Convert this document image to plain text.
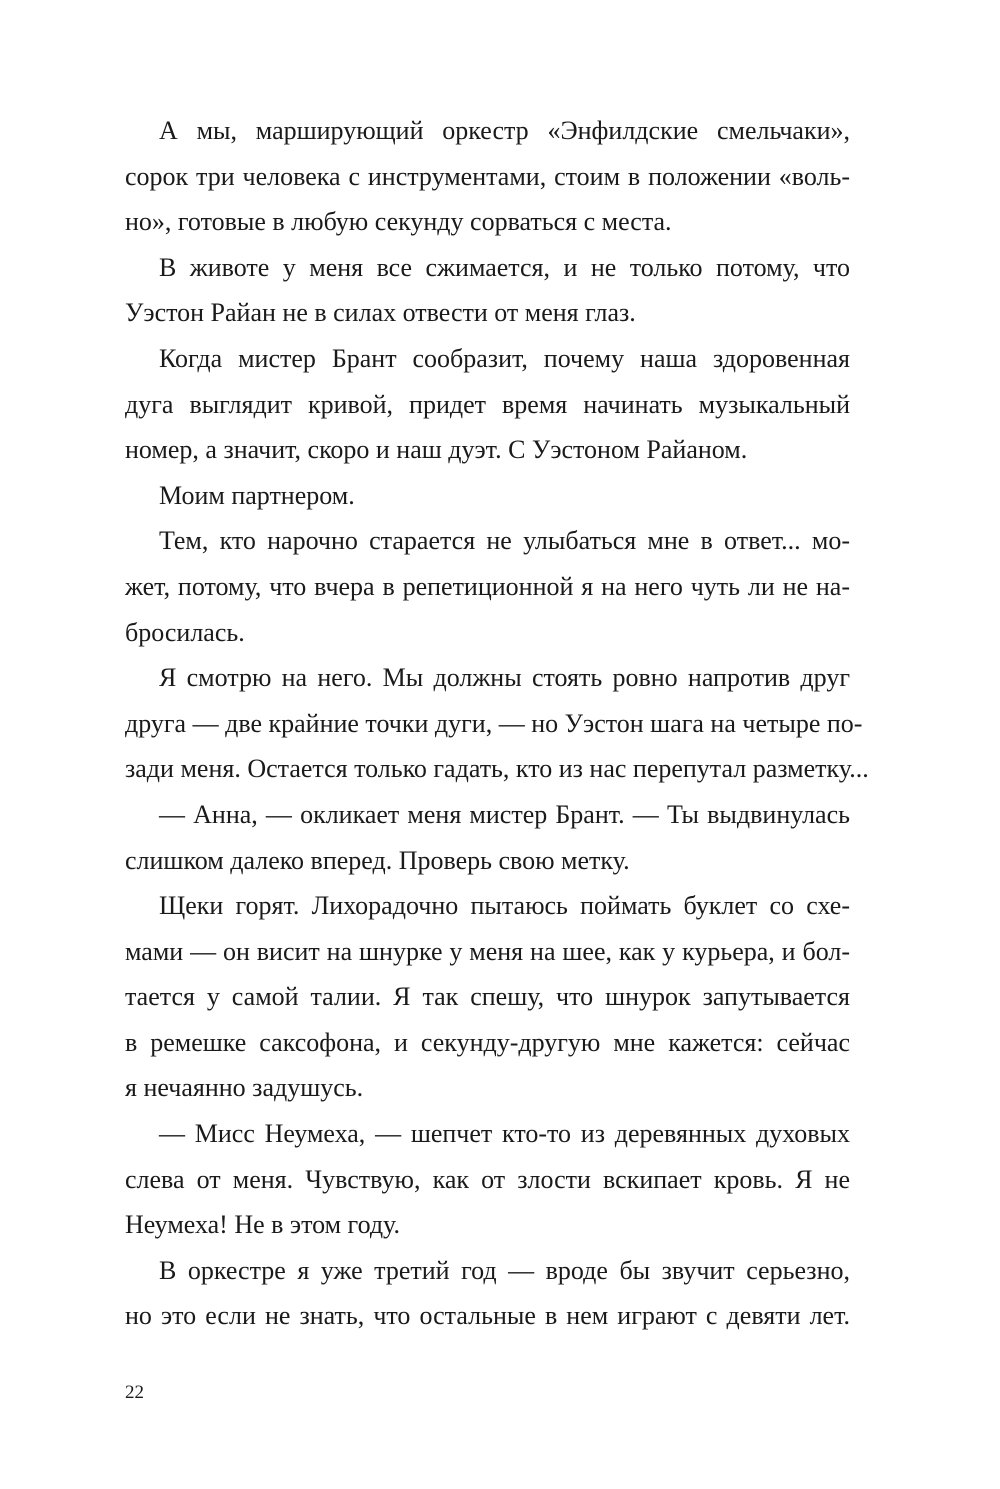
А мы, марширующий оркестр «Энфилдские смельчаки»,
сорок три человека с инструментами, стоим в положении «воль-
но», готовые в любую секунду сорваться с места.

В животе у меня все сжимается, и не только потому, что
Уэстон Райан не в силах отвести от меня глаз.

Когда мистер Брант сообразит, почему наша здоровенная
дуга выглядит кривой, придет время начинать музыкальный
номер, а значит, скоро и наш дуэт. С Уэстоном Райаном.

Моим партнером.

Тем, кто нарочно старается не улыбаться мне в ответ... мо-
жет, потому, что вчера в репетиционной я на него чуть ли не на-
бросилась.

Я смотрю на него. Мы должны стоять ровно напротив друг
друга — две крайние точки дуги, — но Уэстон шага на четыре по-
зади меня. Остается только гадать, кто из нас перепутал разметку...

— Анна, — окликает меня мистер Брант. — Ты выдвинулась
слишком далеко вперед. Проверь свою метку.

Щеки горят. Лихорадочно пытаюсь поймать буклет со схе-
мами — он висит на шнурке у меня на шее, как у курьера, и бол-
тается у самой талии. Я так спешу, что шнурок запутывается
в ремешке саксофона, и секунду-другую мне кажется: сейчас
я нечаянно задушусь.

— Мисс Неумеха, — шепчет кто-то из деревянных духовых
слева от меня. Чувствую, как от злости вскипает кровь. Я не
Неумеха! Не в этом году.

В оркестре я уже третий год — вроде бы звучит серьезно,
но это если не знать, что остальные в нем играют с девяти лет.

22
